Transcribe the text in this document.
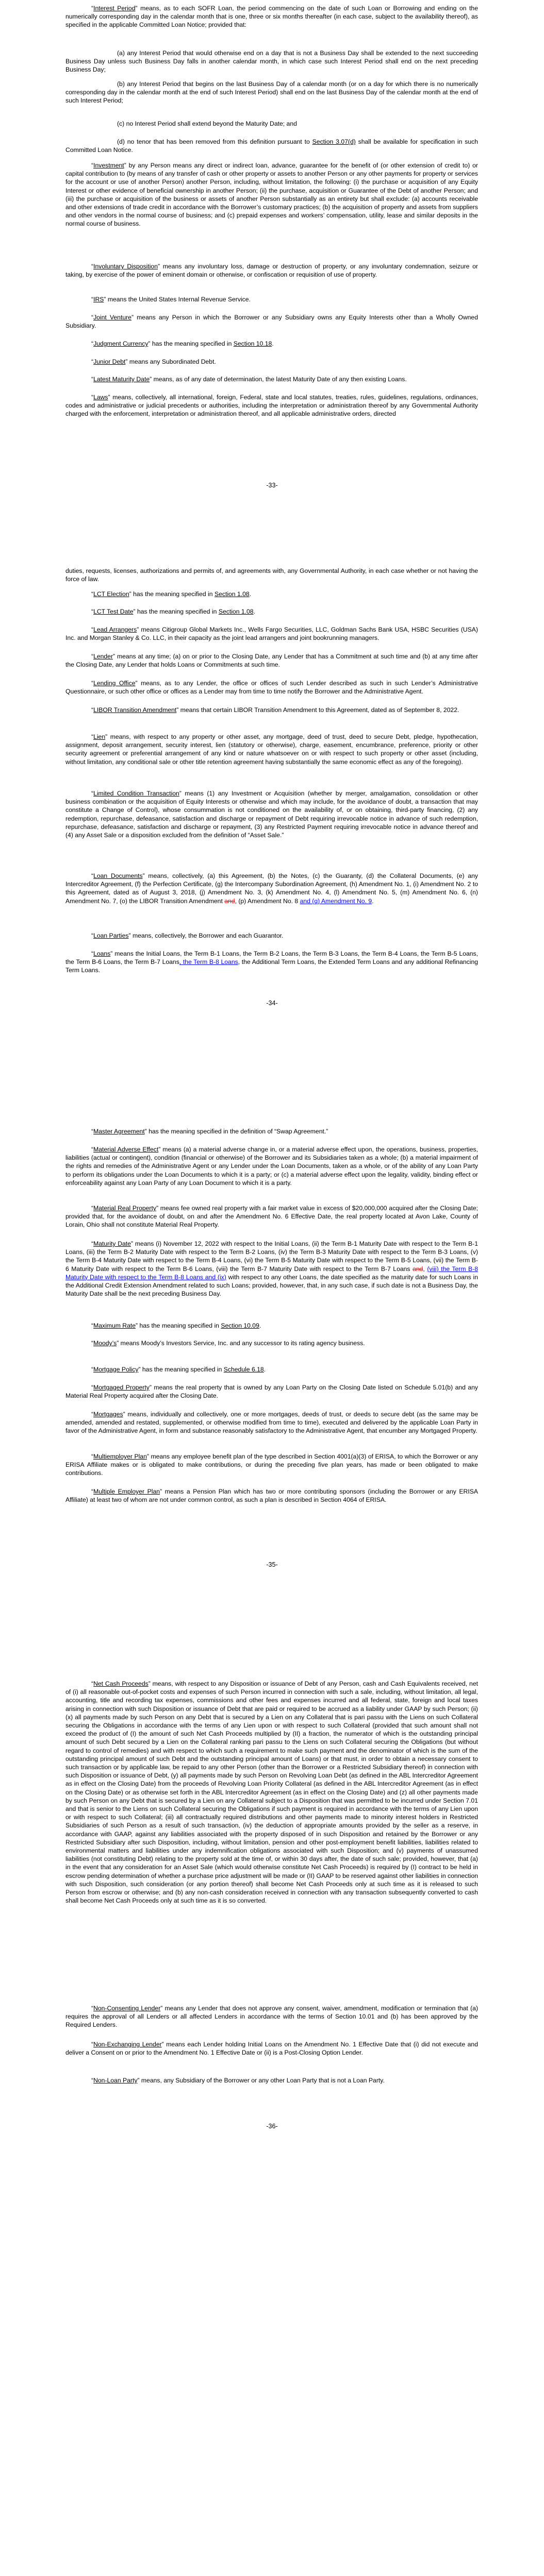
“Interest Period” means, as to each SOFR Loan, the period commencing on the date of such Loan or Borrowing and ending on the numerically corresponding day in the calendar month that is one, three or six months thereafter (in each case, subject to the availability thereof), as specified in the applicable Committed Loan Notice; provided that:
(a) any Interest Period that would otherwise end on a day that is not a Business Day shall be extended to the next succeeding Business Day unless such Business Day falls in another calendar month, in which case such Interest Period shall end on the next preceding Business Day;
(b) any Interest Period that begins on the last Business Day of a calendar month (or on a day for which there is no numerically corresponding day in the calendar month at the end of such Interest Period) shall end on the last Business Day of the calendar month at the end of such Interest Period;
(c) no Interest Period shall extend beyond the Maturity Date; and
(d) no tenor that has been removed from this definition pursuant to Section 3.07(d) shall be available for specification in such Committed Loan Notice.
“Investment” by any Person means any direct or indirect loan, advance, guarantee for the benefit of (or other extension of credit to) or capital contribution to (by means of any transfer of cash or other property or assets to another Person or any other payments for property or services for the account or use of another Person) another Person, including, without limitation, the following: (i) the purchase or acquisition of any Equity Interest or other evidence of beneficial ownership in another Person; (ii) the purchase, acquisition or Guarantee of the Debt of another Person; and (iii) the purchase or acquisition of the business or assets of another Person substantially as an entirety but shall exclude: (a) accounts receivable and other extensions of trade credit in accordance with the Borrower’s customary practices; (b) the acquisition of property and assets from suppliers and other vendors in the normal course of business; and (c) prepaid expenses and workers’ compensation, utility, lease and similar deposits in the normal course of business.
“Involuntary Disposition” means any involuntary loss, damage or destruction of property, or any involuntary condemnation, seizure or taking, by exercise of the power of eminent domain or otherwise, or confiscation or requisition of use of property.
“IRS” means the United States Internal Revenue Service.
“Joint Venture” means any Person in which the Borrower or any Subsidiary owns any Equity Interests other than a Wholly Owned Subsidiary.
“Judgment Currency” has the meaning specified in Section 10.18.
“Junior Debt” means any Subordinated Debt.
“Latest Maturity Date” means, as of any date of determination, the latest Maturity Date of any then existing Loans.
“Laws” means, collectively, all international, foreign, Federal, state and local statutes, treaties, rules, guidelines, regulations, ordinances, codes and administrative or judicial precedents or authorities, including the interpretation or administration thereof by any Governmental Authority charged with the enforcement, interpretation or administration thereof, and all applicable administrative orders, directed
-33-
duties, requests, licenses, authorizations and permits of, and agreements with, any Governmental Authority, in each case whether or not having the force of law.
“LCT Election” has the meaning specified in Section 1.08.
“LCT Test Date” has the meaning specified in Section 1.08.
“Lead Arrangers” means Citigroup Global Markets Inc., Wells Fargo Securities, LLC, Goldman Sachs Bank USA, HSBC Securities (USA) Inc. and Morgan Stanley & Co. LLC, in their capacity as the joint lead arrangers and joint bookrunning managers.
“Lender” means at any time; (a) on or prior to the Closing Date, any Lender that has a Commitment at such time and (b) at any time after the Closing Date, any Lender that holds Loans or Commitments at such time.
“Lending Office” means, as to any Lender, the office or offices of such Lender described as such in such Lender’s Administrative Questionnaire, or such other office or offices as a Lender may from time to time notify the Borrower and the Administrative Agent.
“LIBOR Transition Amendment” means that certain LIBOR Transition Amendment to this Agreement, dated as of September 8, 2022.
“Lien” means, with respect to any property or other asset, any mortgage, deed of trust, deed to secure Debt, pledge, hypothecation, assignment, deposit arrangement, security interest, lien (statutory or otherwise), charge, easement, encumbrance, preference, priority or other security agreement or preferential arrangement of any kind or nature whatsoever on or with respect to such property or other asset (including, without limitation, any conditional sale or other title retention agreement having substantially the same economic effect as any of the foregoing).
“Limited Condition Transaction” means (1) any Investment or Acquisition (whether by merger, amalgamation, consolidation or other business combination or the acquisition of Equity Interests or otherwise and which may include, for the avoidance of doubt, a transaction that may constitute a Change of Control), whose consummation is not conditioned on the availability of, or on obtaining, third-party financing, (2) any redemption, repurchase, defeasance, satisfaction and discharge or repayment of Debt requiring irrevocable notice in advance of such redemption, repurchase, defeasance, satisfaction and discharge or repayment, (3) any Restricted Payment requiring irrevocable notice in advance thereof and (4) any Asset Sale or a disposition excluded from the definition of “Asset Sale.”
“Loan Documents” means, collectively, (a) this Agreement, (b) the Notes, (c) the Guaranty, (d) the Collateral Documents, (e) any Intercreditor Agreement, (f) the Perfection Certificate, (g) the Intercompany Subordination Agreement, (h) Amendment No. 1, (i) Amendment No. 2 to this Agreement, dated as of August 3, 2018, (j) Amendment No. 3, (k) Amendment No. 4, (l) Amendment No. 5, (m) Amendment No. 6, (n) Amendment No. 7, (o) the LIBOR Transition Amendment and, (p) Amendment No. 8 and (q) Amendment No. 9.
“Loan Parties” means, collectively, the Borrower and each Guarantor.
“Loans” means the Initial Loans, the Term B-1 Loans, the Term B-2 Loans, the Term B-3 Loans, the Term B-4 Loans, the Term B-5 Loans, the Term B-6 Loans, the Term B-7 Loans, the Term B-8 Loans, the Additional Term Loans, the Extended Term Loans and any additional Refinancing Term Loans.
-34-
“Master Agreement” has the meaning specified in the definition of “Swap Agreement.”
“Material Adverse Effect” means (a) a material adverse change in, or a material adverse effect upon, the operations, business, properties, liabilities (actual or contingent), condition (financial or otherwise) of the Borrower and its Subsidiaries taken as a whole; (b) a material impairment of the rights and remedies of the Administrative Agent or any Lender under the Loan Documents, taken as a whole, or of the ability of any Loan Party to perform its obligations under the Loan Documents to which it is a party; or (c) a material adverse effect upon the legality, validity, binding effect or enforceability against any Loan Party of any Loan Document to which it is a party.
“Material Real Property” means fee owned real property with a fair market value in excess of $20,000,000 acquired after the Closing Date; provided that, for the avoidance of doubt, on and after the Amendment No. 6 Effective Date, the real property located at Avon Lake, County of Lorain, Ohio shall not constitute Material Real Property.
“Maturity Date” means (i) November 12, 2022 with respect to the Initial Loans, (ii) the Term B-1 Maturity Date with respect to the Term B-1 Loans, (iii) the Term B-2 Maturity Date with respect to the Term B-2 Loans, (iv) the Term B-3 Maturity Date with respect to the Term B-3 Loans, (v) the Term B-4 Maturity Date with respect to the Term B-4 Loans, (vi) the Term B-5 Maturity Date with respect to the Term B-5 Loans, (vii) the Term B-6 Maturity Date with respect to the Term B-6 Loans, (viii) the Term B-7 Maturity Date with respect to the Term B-7 Loans and, (viii) the Term B-8 Maturity Date with respect to the Term B-8 Loans and (ix) with respect to any other Loans, the date specified as the maturity date for such Loans in the Additional Credit Extension Amendment related to such Loans; provided, however, that, in any such case, if such date is not a Business Day, the Maturity Date shall be the next preceding Business Day.
“Maximum Rate” has the meaning specified in Section 10.09.
“Moody’s” means Moody’s Investors Service, Inc. and any successor to its rating agency business.
“Mortgage Policy” has the meaning specified in Schedule 6.18.
“Mortgaged Property” means the real property that is owned by any Loan Party on the Closing Date listed on Schedule 5.01(b) and any Material Real Property acquired after the Closing Date.
“Mortgages” means, individually and collectively, one or more mortgages, deeds of trust, or deeds to secure debt (as the same may be amended, amended and restated, supplemented, or otherwise modified from time to time), executed and delivered by the applicable Loan Party in favor of the Administrative Agent, in form and substance reasonably satisfactory to the Administrative Agent, that encumber any Mortgaged Property.
“Multiemployer Plan” means any employee benefit plan of the type described in Section 4001(a)(3) of ERISA, to which the Borrower or any ERISA Affiliate makes or is obligated to make contributions, or during the preceding five plan years, has made or been obligated to make contributions.
“Multiple Employer Plan” means a Pension Plan which has two or more contributing sponsors (including the Borrower or any ERISA Affiliate) at least two of whom are not under common control, as such a plan is described in Section 4064 of ERISA.
-35-
“Net Cash Proceeds” means, with respect to any Disposition or issuance of Debt of any Person, cash and Cash Equivalents received, net of (i) all reasonable out-of-pocket costs and expenses of such Person incurred in connection with such a sale, including, without limitation, all legal, accounting, title and recording tax expenses, commissions and other fees and expenses incurred and all federal, state, foreign and local taxes arising in connection with such Disposition or issuance of Debt that are paid or required to be accrued as a liability under GAAP by such Person; (ii)(x) all payments made by such Person on any Debt that is secured by a Lien on any Collateral that is pari passu with the Liens on such Collateral securing the Obligations in accordance with the terms of any Lien upon or with respect to such Collateral (provided that such amount shall not exceed the product of (I) the amount of such Net Cash Proceeds multiplied by (II) a fraction, the numerator of which is the outstanding principal amount of such Debt secured by a Lien on the Collateral ranking pari passu to the Liens on such Collateral securing the Obligations (but without regard to control of remedies) and with respect to which such a requirement to make such payment and the denominator of which is the sum of the outstanding principal amount of such Debt and the outstanding principal amount of Loans) or that must, in order to obtain a necessary consent to such transaction or by applicable law, be repaid to any other Person (other than the Borrower or a Restricted Subsidiary thereof) in connection with such Disposition or issuance of Debt, (y) all payments made by such Person on Revolving Loan Debt (as defined in the ABL Intercreditor Agreement as in effect on the Closing Date) from the proceeds of Revolving Loan Priority Collateral (as defined in the ABL Intercreditor Agreement (as in effect on the Closing Date) or as otherwise set forth in the ABL Intercreditor Agreement (as in effect on the Closing Date) and (z) all other payments made by such Person on any Debt that is secured by a Lien on any Collateral subject to a Disposition that was permitted to be incurred under Section 7.01 and that is senior to the Liens on such Collateral securing the Obligations if such payment is required in accordance with the terms of any Lien upon or with respect to such Collateral; (iii) all contractually required distributions and other payments made to minority interest holders in Restricted Subsidiaries of such Person as a result of such transaction, (iv) the deduction of appropriate amounts provided by the seller as a reserve, in accordance with GAAP, against any liabilities associated with the property disposed of in such Disposition and retained by the Borrower or any Restricted Subsidiary after such Disposition, including, without limitation, pension and other post-employment benefit liabilities, liabilities related to environmental matters and liabilities under any indemnification obligations associated with such Disposition; and (v) payments of unassumed liabilities (not constituting Debt) relating to the property sold at the time of, or within 30 days after, the date of such sale; provided, however, that (a) in the event that any consideration for an Asset Sale (which would otherwise constitute Net Cash Proceeds) is required by (I) contract to be held in escrow pending determination of whether a purchase price adjustment will be made or (II) GAAP to be reserved against other liabilities in connection with such Disposition, such consideration (or any portion thereof) shall become Net Cash Proceeds only at such time as it is released to such Person from escrow or otherwise; and (b) any non-cash consideration received in connection with any transaction subsequently converted to cash shall become Net Cash Proceeds only at such time as it is so converted.
“Non-Consenting Lender” means any Lender that does not approve any consent, waiver, amendment, modification or termination that (a) requires the approval of all Lenders or all affected Lenders in accordance with the terms of Section 10.01 and (b) has been approved by the Required Lenders.
“Non-Exchanging Lender” means each Lender holding Initial Loans on the Amendment No. 1 Effective Date that (i) did not execute and deliver a Consent on or prior to the Amendment No. 1 Effective Date or (ii) is a Post-Closing Option Lender.
“Non-Loan Party” means, any Subsidiary of the Borrower or any other Loan Party that is not a Loan Party.
-36-
